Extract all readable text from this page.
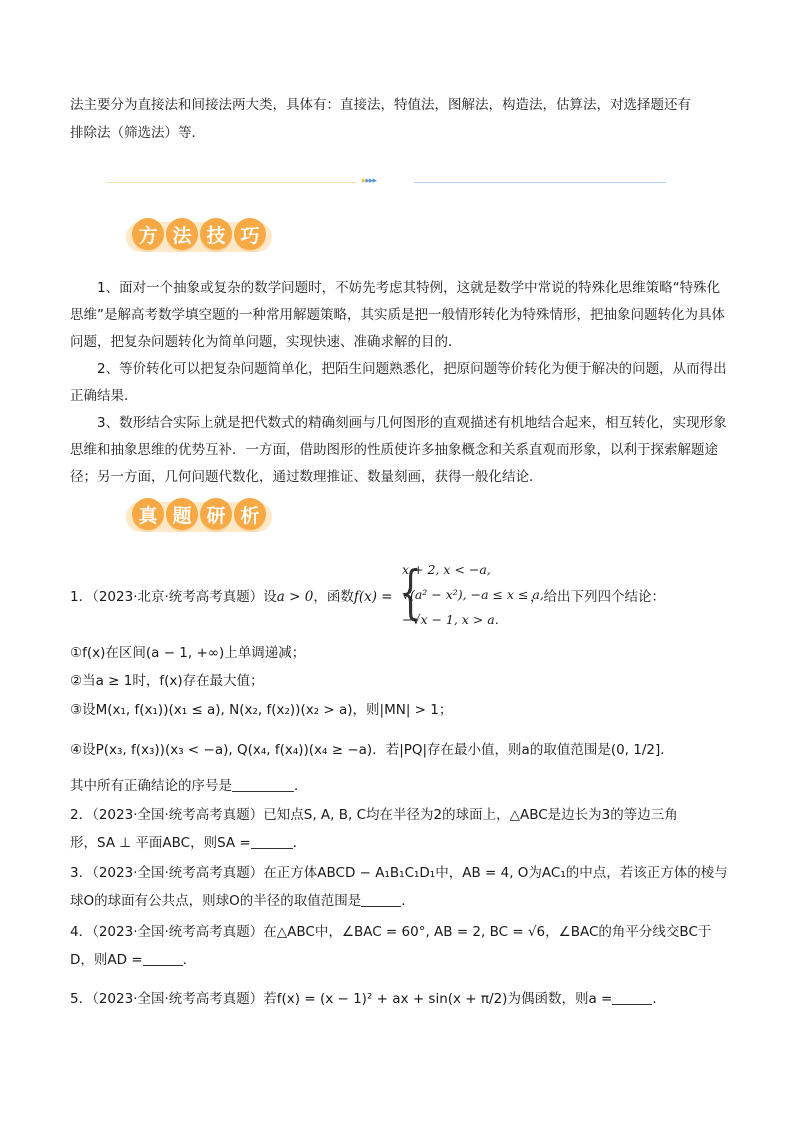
法主要分为直接法和间接法两大类，具体有：直接法，特值法，图解法，构造法，估算法，对选择题还有
排除法（筛选法）等．
▸▸▸▸
方 法 技 巧
1、面对一个抽象或复杂的数学问题时，不妨先考虑其特例，这就是数学中常说的特殊化思维策略“特殊化思维”是解高考数学填空题的一种常用解题策略，其实质是把一般情形转化为特殊情形，把抽象问题转化为具体问题，把复杂问题转化为简单问题，实现快速、准确求解的目的．
2、等价转化可以把复杂问题简单化，把陌生问题熟悉化，把原问题等价转化为便于解决的问题，从而得出正确结果．
3、数形结合实际上就是把代数式的精确刻画与几何图形的直观描述有机地结合起来，相互转化，实现形象思维和抽象思维的优势互补．一方面，借助图形的性质使许多抽象概念和关系直观而形象，以利于探索解题途径；另一方面，几何问题代数化，通过数理推证、数量刻画，获得一般化结论．
真 题 研 析
1．（2023·北京·统考高考真题）设a > 0，函数f(x) = {
x + 2, x < −a,
√(a² − x²), −a ≤ x ≤ a,
−√x − 1, x > a.
，给出下列四个结论：
①f(x)在区间(a − 1, +∞)上单调递减；
②当a ≥ 1时，f(x)存在最大值；
③设M(x₁, f(x₁))(x₁ ≤ a), N(x₂, f(x₂))(x₂ > a)，则|MN| > 1；
④设P(x₃, f(x₃))(x₃ < −a), Q(x₄, f(x₄))(x₄ ≥ −a)．若|PQ|存在最小值，则a的取值范围是(0, 1/2]．
其中所有正确结论的序号是	．
2．（2023·全国·统考高考真题）已知点S, A, B, C均在半径为2的球面上，△ABC是边长为3的等边三角
形，SA ⊥ 平面ABC，则SA =	．
3．（2023·全国·统考高考真题）在正方体ABCD − A₁B₁C₁D₁中，AB = 4, O为AC₁的中点，若该正方体的棱与
球O的球面有公共点，则球O的半径的取值范围是	．
4．（2023·全国·统考高考真题）在△ABC中，∠BAC = 60°, AB = 2, BC = √6，∠BAC的角平分线交BC于
D，则AD =	．
5．（2023·全国·统考高考真题）若f(x) = (x − 1)² + ax + sin(x + π/2)为偶函数，则a =	．
